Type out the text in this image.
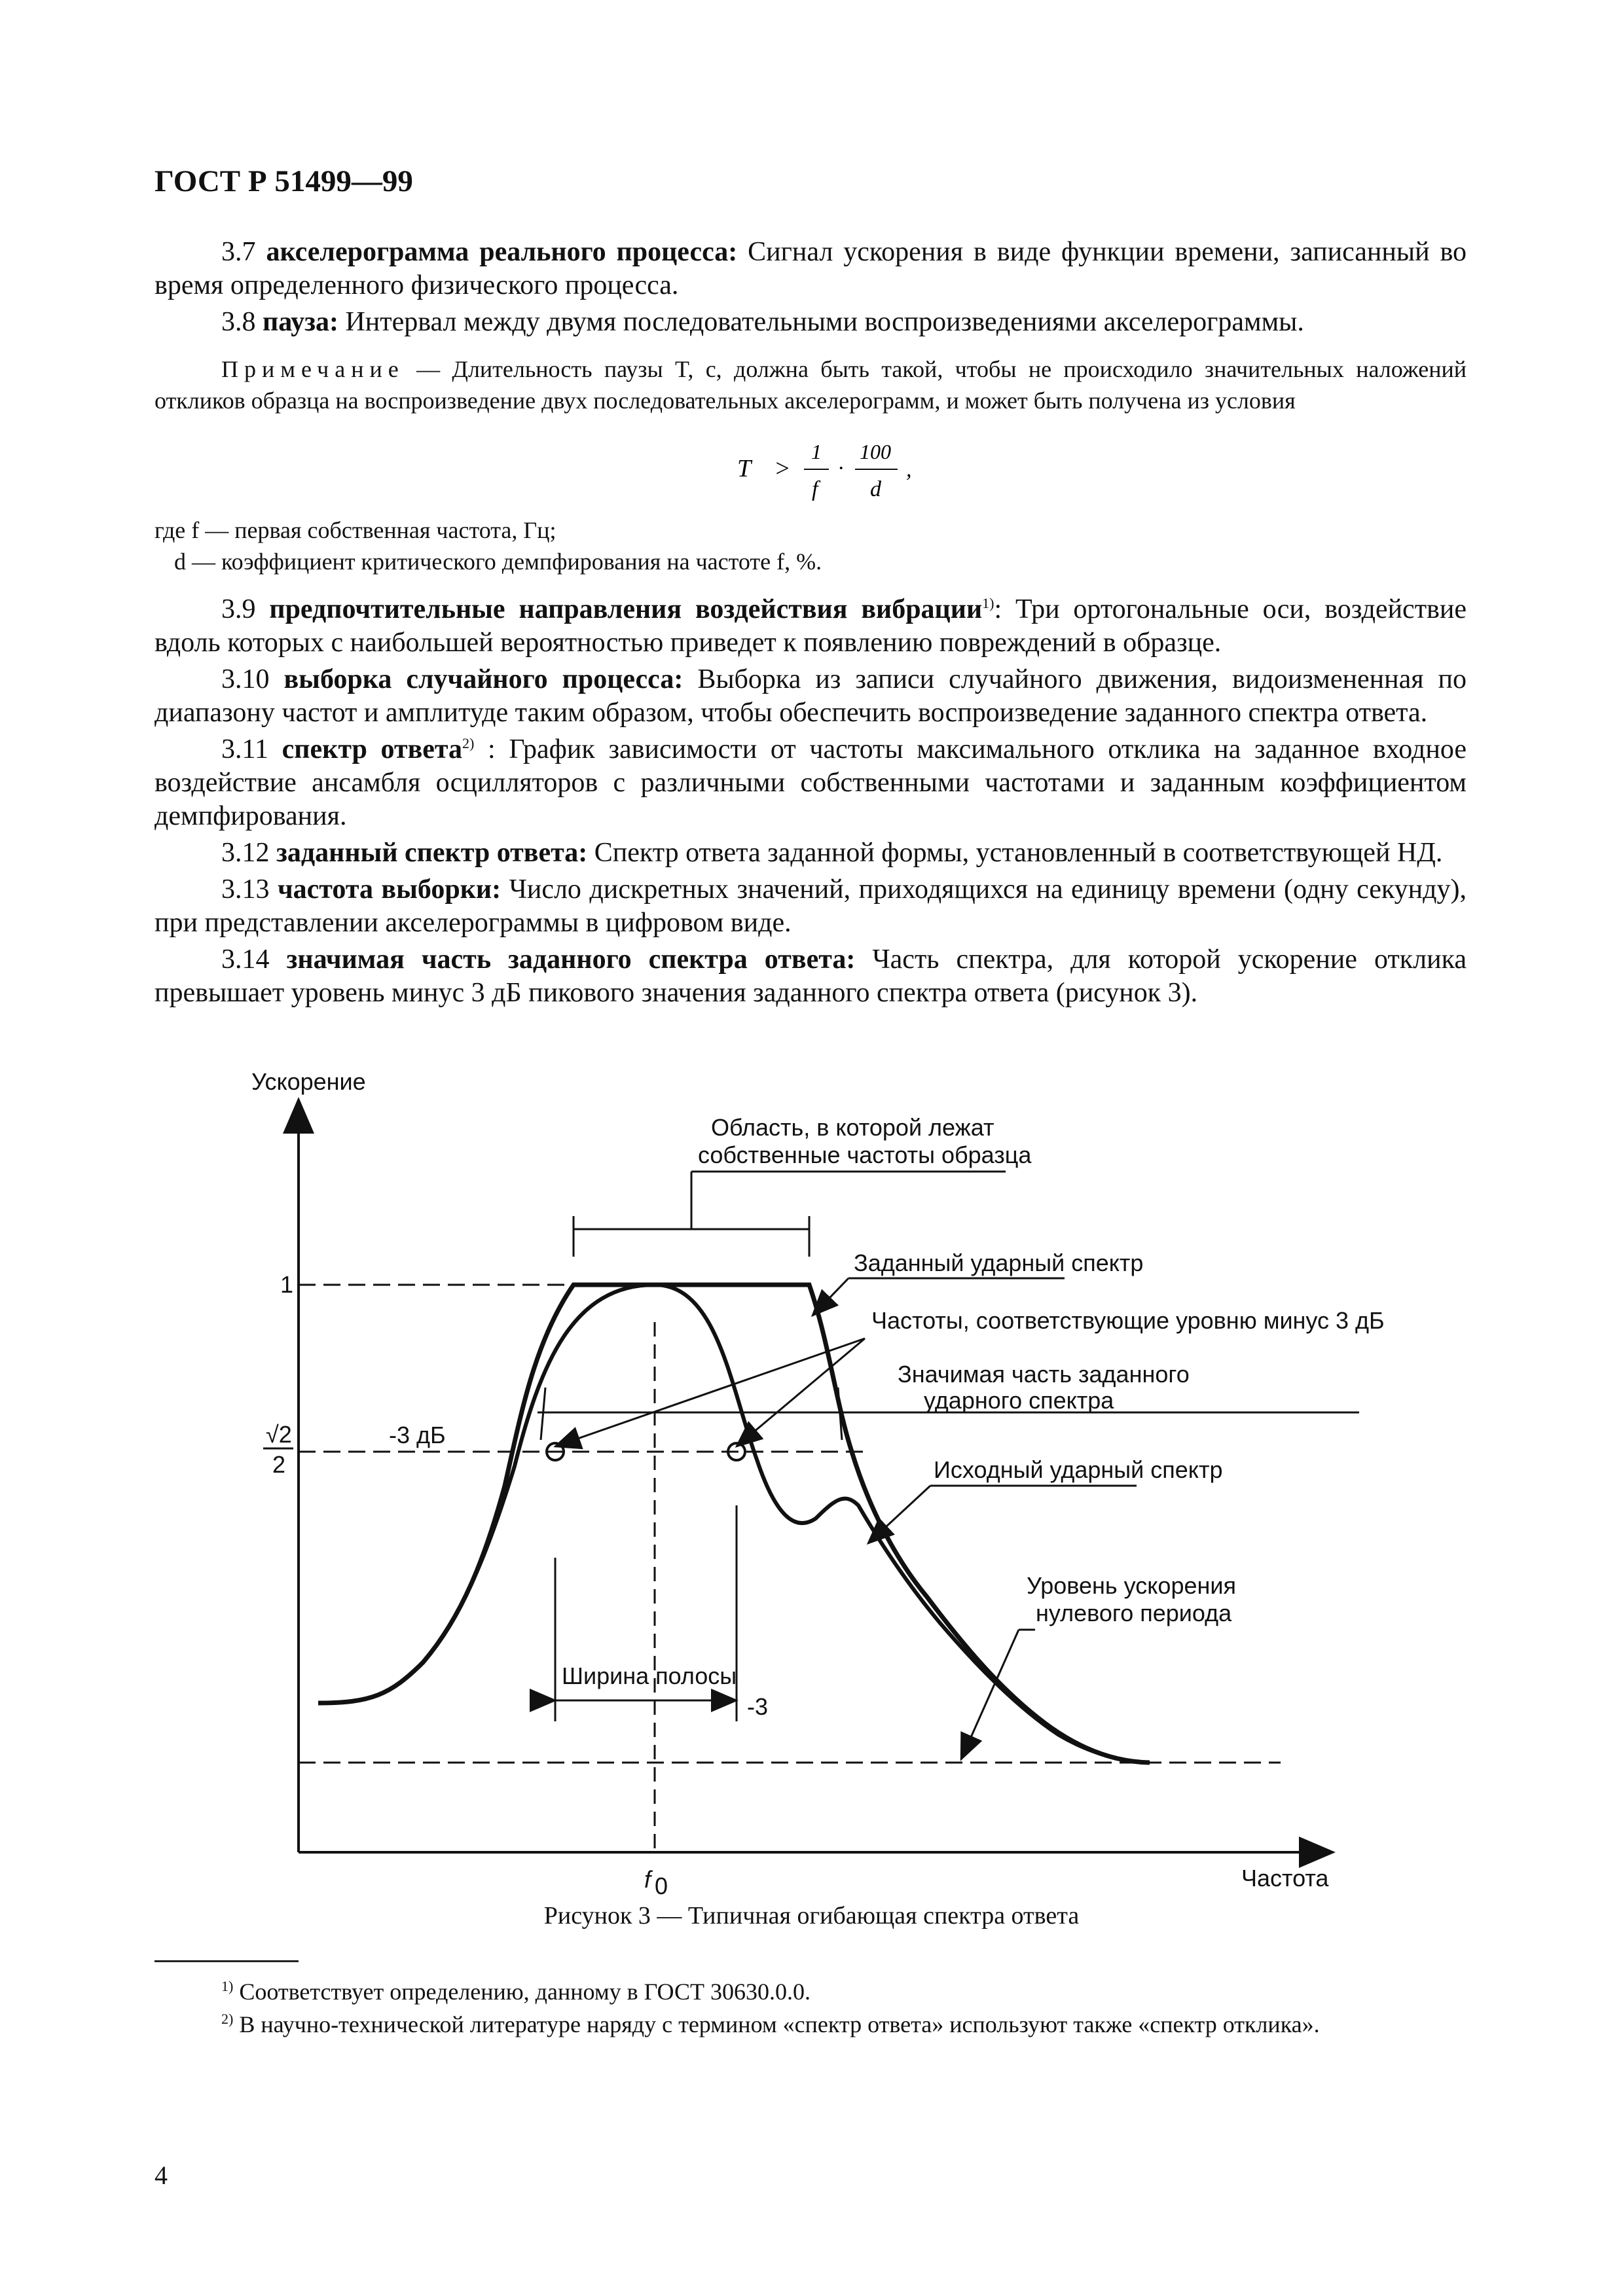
ГОСТ Р 51499—99

3.7 акселерограмма реального процесса: Сигнал ускорения в виде функции времени, записанный во время определенного физического процесса.

3.8 пауза: Интервал между двумя последовательными воспроизведениями акселерограммы.

Примечание — Длительность паузы T, с, должна быть такой, чтобы не происходило значительных наложений откликов образца на воспроизведение двух последовательных акселерограмм, и может быть получена из условия

T >
1
f
·
100
d
,
где f — первая собственная частота, Гц;
d — коэффициент критического демпфирования на частоте f, %.

3.9 предпочтительные направления воздействия вибрации$^{1)}$: Три ортогональные оси, воздействие вдоль которых с наибольшей вероятностью приведет к появлению повреждений в образце.

3.10 выборка случайного процесса: Выборка из записи случайного движения, видоизмененная по диапазону частот и амплитуде таким образом, чтобы обеспечить воспроизведение заданного спектра ответа.

3.11 спектр ответа$^{2)}$ : График зависимости от частоты максимального отклика на заданное входное воздействие ансамбля осцилляторов с различными собственными частотами и заданным коэффициентом демпфирования.

3.12 заданный спектр ответа: Спектр ответа заданной формы, установленный в соответствующей НД.

3.13 частота выборки: Число дискретных значений, приходящихся на единицу времени (одну секунду), при представлении акселерограммы в цифровом виде.

3.14 значимая часть заданного спектра ответа: Часть спектра, для которой ускорение отклика превышает уровень минус 3 дБ пикового значения заданного спектра ответа (рисунок 3).

Ускорение
Частота
1
√2
2
-3 дБ
Область, в которой лежат
собственные частоты образца
Заданный ударный спектр
Частоты, соответствующие уровню минус 3 дБ
Значимая часть заданного
ударного спектра
Исходный ударный спектр
Уровень ускорения
нулевого периода
Ширина полосы
-3
f 0
Рисунок 3 — Типичная огибающая спектра ответа

$^{1)}$ Соответствует определению, данному в ГОСТ 30630.0.0.

$^{2)}$ В научно-технической литературе наряду с термином «спектр ответа» используют также «спектр отклика».

4
